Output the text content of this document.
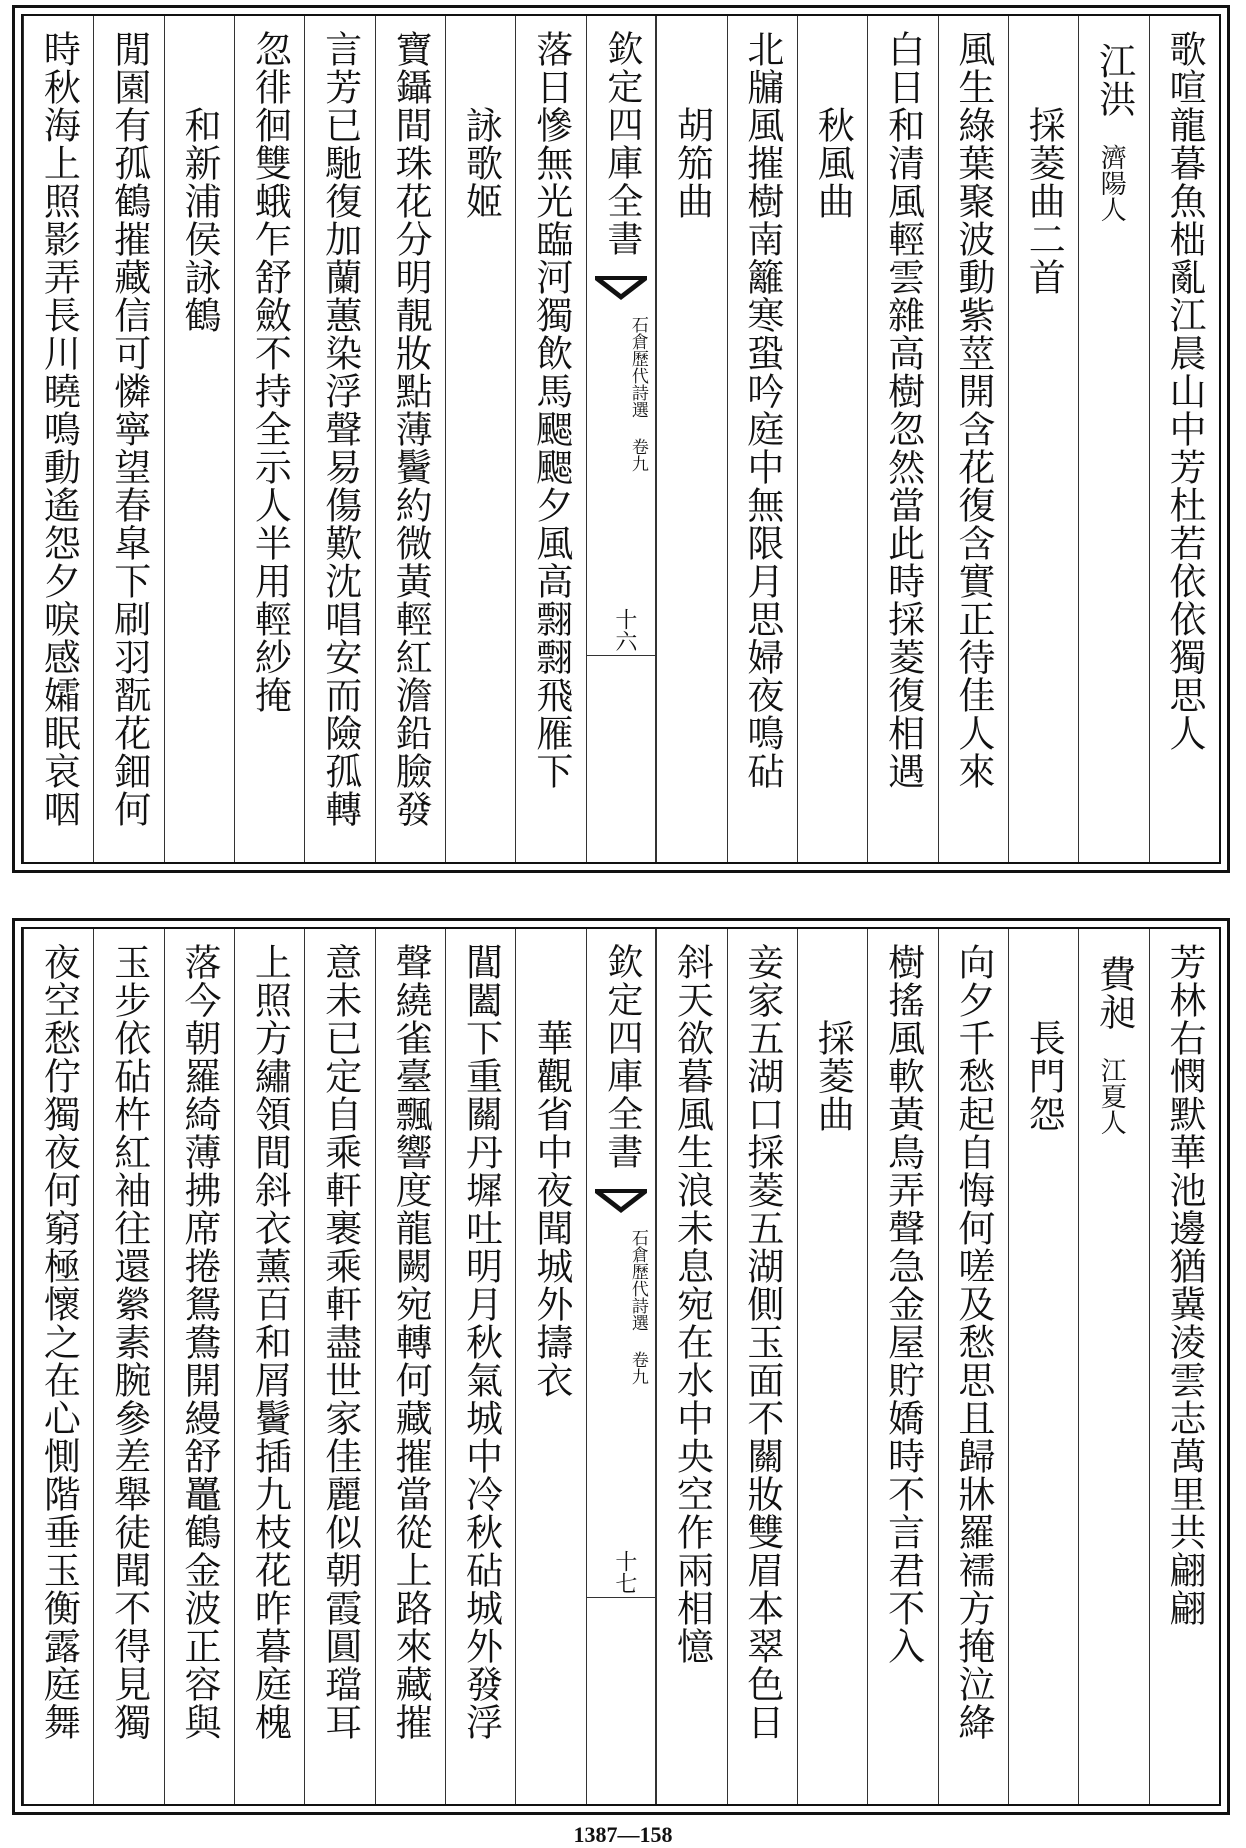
歌喧龍暮魚柮亂江晨山中芳杜若依依獨思人
江洪
濟陽人
採菱曲二首
風生綠葉聚波動紫莖開含花復含實正待佳人來
白日和清風輕雲雜高樹忽然當此時採菱復相遇
秋風曲
北牖風摧樹南籬寒蛩吟庭中無限月思婦夜鳴砧
胡笳曲
欽定四庫全書
石倉歷代詩選 卷九
十六
落日慘無光臨河獨飲馬颸颸夕風高翲翲飛雁下
詠歌姬
寶鑷間珠花分明靚妝點薄鬢約微黃輕紅澹鉛臉發
言芳已馳復加蘭蕙染浮聲易傷歎沈唱安而險孤轉
忽徘徊雙蛾乍舒斂不持全示人半用輕紗掩
和新浦侯詠鶴
閒園有孤鶴摧藏信可憐寧望春皐下刷羽翫花鈿何
時秋海上照影弄長川曉鳴動遙怨夕唳感孀眠哀咽
芳林右憫默華池邊猶冀淩雲志萬里共翩翩
費昶
江夏人
長門怨
向夕千愁起自悔何嗟及愁思且歸牀羅襦方掩泣絳
樹搖風軟黃鳥弄聲急金屋貯嬌時不言君不入
採菱曲
妾家五湖口採菱五湖側玉面不關妝雙眉本翠色日
斜天欲暮風生浪未息宛在水中央空作兩相憶
欽定四庫全書
石倉歷代詩選 卷九
十七
華觀省中夜聞城外擣衣
閶闔下重關丹墀吐明月秋氣城中冷秋砧城外發浮
聲繞雀臺飄響度龍闕宛轉何藏摧當從上路來藏摧
意未已定自乘軒裹乘軒盡世家佳麗似朝霞圓璫耳
上照方繡領間斜衣薰百和屑鬢插九枝花昨暮庭槐
落今朝羅綺薄拂席捲鴛鴦開縵舒鼉鶴金波正容與
玉步依砧杵紅袖往還縈素腕參差舉徒聞不得見獨
夜空愁佇獨夜何窮極懷之在心惻階垂玉衡露庭舞
1387—158
